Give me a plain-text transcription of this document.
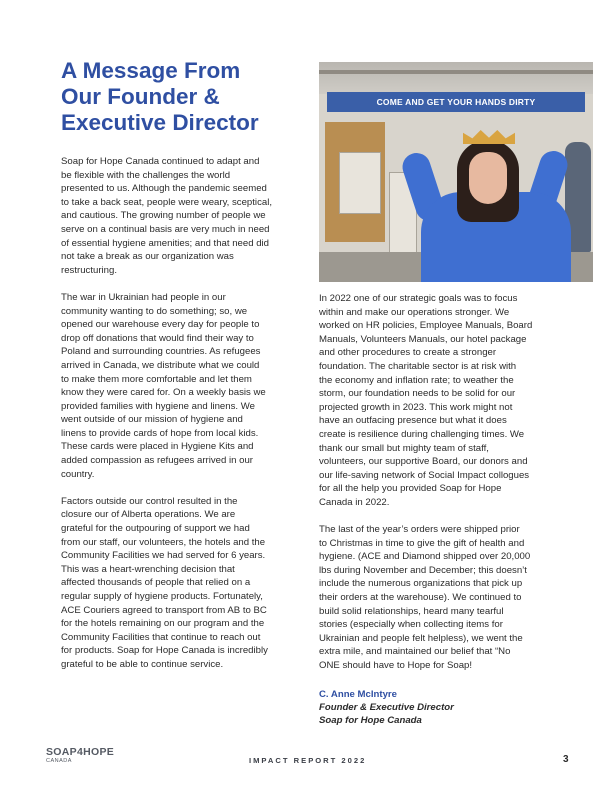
A Message From
Our Founder &
Executive Director
COME AND GET YOUR HANDS DIRTY

Soap for Hope Canada continued to adapt and
be flexible with the challenges the world
presented to us. Although the pandemic seemed
to take a back seat, people were weary, sceptical,
and cautious. The growing number of people we
serve on a continual basis are very much in need
of essential hygiene amenities; and that need did
not take a break as our organization was
restructuring.

The war in Ukrainian had people in our
community wanting to do something; so, we
opened our warehouse every day for people to
drop off donations that would find their way to
Poland and surrounding countries. As refugees
arrived in Canada, we distribute what we could
to make them more comfortable and let them
know they were cared for. On a weekly basis we
provided families with hygiene and linens. We
went outside of our mission of hygiene and
linens to provide cards of hope from local kids.
These cards were placed in Hygiene Kits and
added compassion as refugees arrived in our
country.

Factors outside our control resulted in the
closure our of Alberta operations. We are
grateful for the outpouring of support we had
from our staff, our volunteers, the hotels and the
Community Facilities we had served for 6 years.
This was a heart-wrenching decision that
affected thousands of people that relied on a
regular supply of hygiene products. Fortunately,
ACE Couriers agreed to transport from AB to BC
for the hotels remaining on our program and the
Community Facilities that continue to reach out
for products. Soap for Hope Canada is incredibly
grateful to be able to continue service.

In 2022 one of our strategic goals was to focus
within and make our operations stronger. We
worked on HR policies, Employee Manuals, Board
Manuals, Volunteers Manuals, our hotel package
and other procedures to create a stronger
foundation. The charitable sector is at risk with
the economy and inflation rate; to weather the
storm, our foundation needs to be solid for our
projected growth in 2023. This work might not
have an outfacing presence but what it does
create is resilience during challenging times. We
thank our small but mighty team of staff,
volunteers, our supportive Board, our donors and
our life-saving network of Social Impact collogues
for all the help you provided Soap for Hope
Canada in 2022.

The last of the year’s orders were shipped prior
to Christmas in time to give the gift of health and
hygiene. (ACE and Diamond shipped over 20,000
lbs during November and December; this doesn’t
include the numerous organizations that pick up
their orders at the warehouse). We continued to
build solid relationships, heard many tearful
stories (especially when collecting items for
Ukrainian and people felt helpless), we went the
extra mile, and maintained our belief that “No
ONE should have to Hope for Soap!

C. Anne McIntyre
Founder & Executive Director
Soap for Hope Canada
SOAP4HOPE
CANADA	IMPACT REPORT 2022	3
